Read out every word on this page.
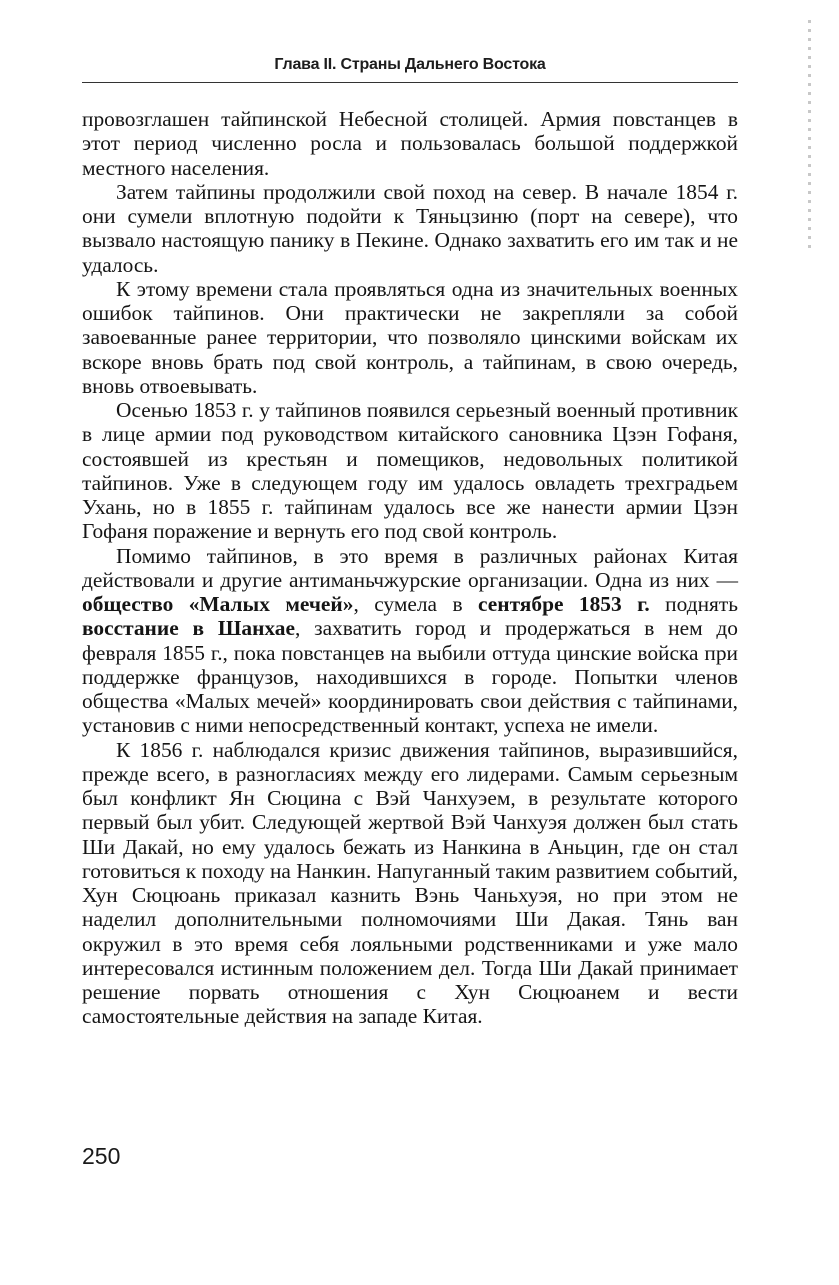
Глава II. Страны Дальнего Востока

провозглашен тайпинской Небесной столицей. Армия повстанцев в этот период численно росла и пользовалась большой поддержкой местного населения.

Затем тайпины продолжили свой поход на север. В начале 1854 г. они сумели вплотную подойти к Тяньцзиню (порт на севере), что вызвало настоящую панику в Пекине. Однако захватить его им так и не удалось.

К этому времени стала проявляться одна из значительных военных ошибок тайпинов. Они практически не закрепляли за собой завоеванные ранее территории, что позволяло цинскими войскам их вскоре вновь брать под свой контроль, а тайпинам, в свою очередь, вновь отвоевывать.

Осенью 1853 г. у тайпинов появился серьезный военный противник в лице армии под руководством китайского сановника Цзэн Гофаня, состоявшей из крестьян и помещиков, недовольных политикой тайпинов. Уже в следующем году им удалось овладеть трехградьем Ухань, но в 1855 г. тайпинам удалось все же нанести армии Цзэн Гофаня поражение и вернуть его под свой контроль.

Помимо тайпинов, в это время в различных районах Китая действовали и другие антиманьчжурские организации. Одна из них — общество «Малых мечей», сумела в сентябре 1853 г. поднять восстание в Шанхае, захватить город и продержаться в нем до февраля 1855 г., пока повстанцев на выбили оттуда цинские войска при поддержке французов, находившихся в городе. Попытки членов общества «Малых мечей» координировать свои действия с тайпинами, установив с ними непосредственный контакт, успеха не имели.

К 1856 г. наблюдался кризис движения тайпинов, выразившийся, прежде всего, в разногласиях между его лидерами. Самым серьезным был конфликт Ян Сюцина с Вэй Чанхуэем, в результате которого первый был убит. Следующей жертвой Вэй Чанхуэя должен был стать Ши Дакай, но ему удалось бежать из Нанкина в Аньцин, где он стал готовиться к походу на Нанкин. Напуганный таким развитием событий, Хун Сюцюань приказал казнить Вэнь Чаньхуэя, но при этом не наделил дополнительными полномочиями Ши Дакая. Тянь ван окружил в это время себя лояльными родственниками и уже мало интересовался истинным положением дел. Тогда Ши Дакай принимает решение порвать отношения с Хун Сюцюанем и вести самостоятельные действия на западе Китая.

250
